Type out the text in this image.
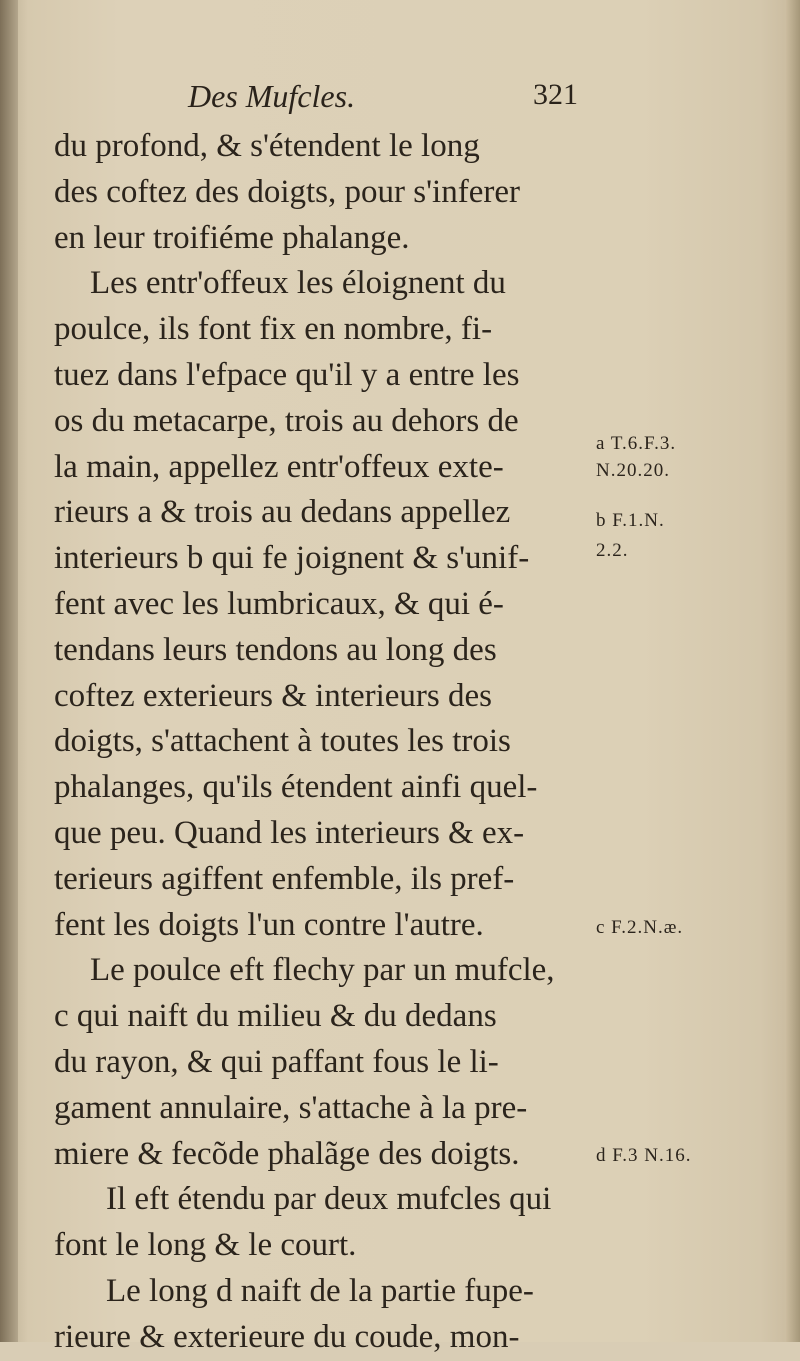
Des Mufcles.	321
du profond, & s'étendent le long
des coftez des doigts, pour s'inferer
en leur troifiéme phalange.
Les entr'offeux les éloignent du
poulce, ils font fix en nombre, fi-
tuez dans l'efpace qu'il y a entre les
os du metacarpe, trois au dehors de
la main, appellez entr'offeux exte-
rieurs a & trois au dedans appellez
interieurs b qui fe joignent & s'unif-
fent avec les lumbricaux, & qui é-
tendans leurs tendons au long des
coftez exterieurs & interieurs des
doigts, s'attachent à toutes les trois
phalanges, qu'ils étendent ainfi quel-
que peu. Quand les interieurs & ex-
terieurs agiffent enfemble, ils pref-
fent les doigts l'un contre l'autre.
Le poulce eft flechy par un mufcle,
c qui naift du milieu & du dedans
du rayon, & qui paffant fous le li-
gament annulaire, s'attache à la pre-
miere & fecõde phalãge des doigts.
Il eft étendu par deux mufcles qui
font le long & le court.
Le long d naift de la partie fupe-
rieure & exterieure du coude, mon-
a T.6.F.3.
N.20.20.
b F.1.N.
2.2.
c F.2.N.æ.
d F.3 N.16.
